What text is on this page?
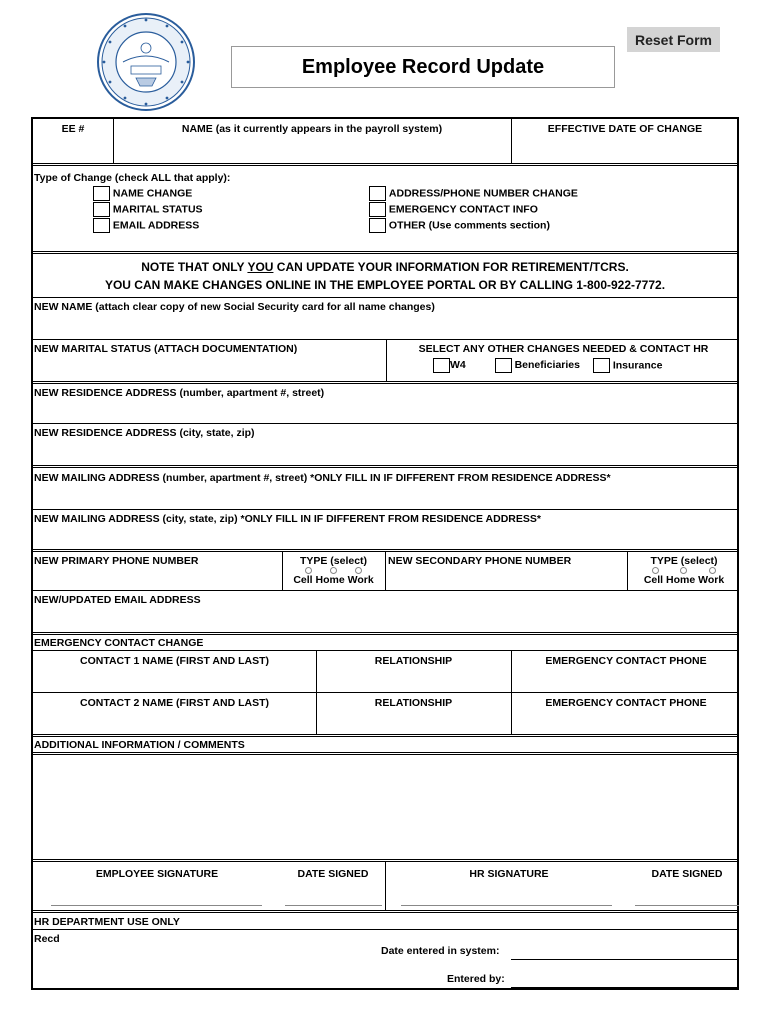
Employee Record Update
Reset Form
EE #	NAME (as it currently appears in the payroll system)	EFFECTIVE DATE OF CHANGE
Type of Change (check ALL that apply):
NAME CHANGE
MARITAL STATUS
EMAIL ADDRESS
ADDRESS/PHONE NUMBER CHANGE
EMERGENCY CONTACT INFO
OTHER (Use comments section)
NOTE THAT ONLY YOU CAN UPDATE YOUR INFORMATION FOR RETIREMENT/TCRS.
YOU CAN MAKE CHANGES ONLINE IN THE EMPLOYEE PORTAL OR BY CALLING 1-800-922-7772.
NEW NAME (attach clear copy of new Social Security card for all name changes)
NEW MARITAL STATUS (ATTACH DOCUMENTATION)	SELECT ANY OTHER CHANGES NEEDED & CONTACT HR
W4	Beneficiaries	Insurance
NEW RESIDENCE ADDRESS (number, apartment #, street)
NEW RESIDENCE ADDRESS (city, state, zip)
NEW MAILING ADDRESS (number, apartment #, street) *ONLY FILL IN IF DIFFERENT FROM RESIDENCE ADDRESS*
NEW MAILING ADDRESS (city, state, zip) *ONLY FILL IN IF DIFFERENT FROM RESIDENCE ADDRESS*
NEW PRIMARY PHONE NUMBER	TYPE (select)
Cell Home Work
NEW SECONDARY PHONE NUMBER	TYPE (select)
Cell Home Work
NEW/UPDATED EMAIL ADDRESS
EMERGENCY CONTACT CHANGE
CONTACT 1 NAME (FIRST AND LAST)	RELATIONSHIP	EMERGENCY CONTACT PHONE
CONTACT 2 NAME (FIRST AND LAST)	RELATIONSHIP	EMERGENCY CONTACT PHONE
ADDITIONAL INFORMATION / COMMENTS
EMPLOYEE SIGNATURE	DATE SIGNED	HR SIGNATURE	DATE SIGNED
HR DEPARTMENT USE ONLY
Recd
Date entered in system:
Entered by:
